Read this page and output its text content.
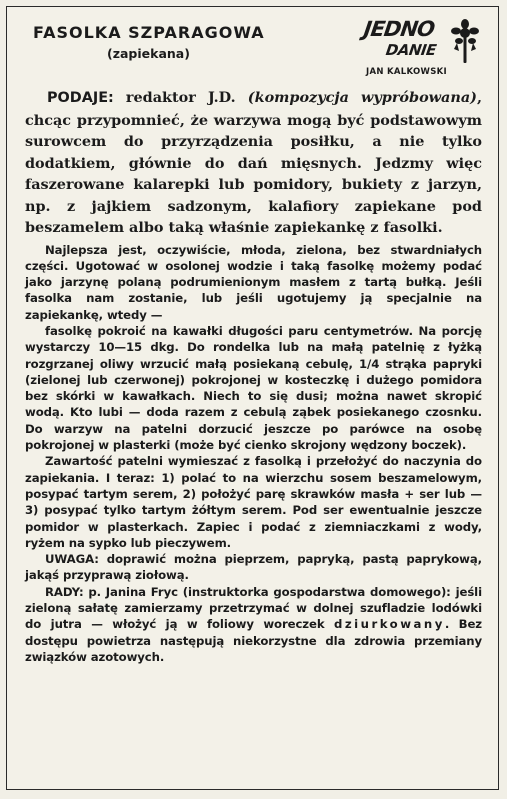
FASOLKA SZPARAGOWA

(zapiekana)

JEDNO
DANIE
JAN KALKOWSKI

PODAJE: redaktor J.D. (kompozycja wypróbowana), chcąc przypomnieć, że warzywa mogą być podstawowym surowcem do przyrządzenia posiłku, a nie tylko dodatkiem, głównie do dań mięsnych. Jedzmy więc faszerowane kalarepki lub pomidory, bukiety z jarzyn, np. z jajkiem sadzonym, kalafiory zapiekane pod beszamelem albo taką właśnie zapiekankę z fasolki.

Najlepsza jest, oczywiście, młoda, zielona, bez stwardniałych części. Ugotować w osolonej wodzie i taką fasolkę możemy podać jako jarzynę polaną podrumienionym masłem z tartą bułką. Jeśli fasolka nam zostanie, lub jeśli ugotujemy ją specjalnie na zapiekankę, wtedy —

fasolkę pokroić na kawałki długości paru centymetrów. Na porcję wystarczy 10—15 dkg. Do rondelka lub na małą patelnię z łyżką rozgrzanej oliwy wrzucić małą posiekaną cebulę, 1/4 strąka papryki (zielonej lub czerwonej) pokrojonej w kosteczkę i dużego pomidora bez skórki w kawałkach. Niech to się dusi; można nawet skropić wodą. Kto lubi — doda razem z cebulą ząbek posiekanego czosnku. Do warzyw na patelni dorzucić jeszcze po parówce na osobę pokrojonej w plasterki (może być cienko skrojony wędzony boczek).

Zawartość patelni wymieszać z fasolką i przełożyć do naczynia do zapiekania. I teraz: 1) polać to na wierzchu sosem beszamelowym, posypać tartym serem, 2) położyć parę skrawków masła + ser lub — 3) posypać tylko tartym żółtym serem. Pod ser ewentualnie jeszcze pomidor w plasterkach. Zapiec i podać z ziemniaczkami z wody, ryżem na sypko lub pieczywem.

UWAGA: doprawić można pieprzem, papryką, pastą paprykową, jakąś przyprawą ziołową.

RADY: p. Janina Fryc (instruktorka gospodarstwa domowego): jeśli zieloną sałatę zamierzamy przetrzymać w dolnej szufladzie lodówki do jutra — włożyć ją w foliowy woreczek dziurkowany. Bez dostępu powietrza następują niekorzystne dla zdrowia przemiany związków azotowych.
